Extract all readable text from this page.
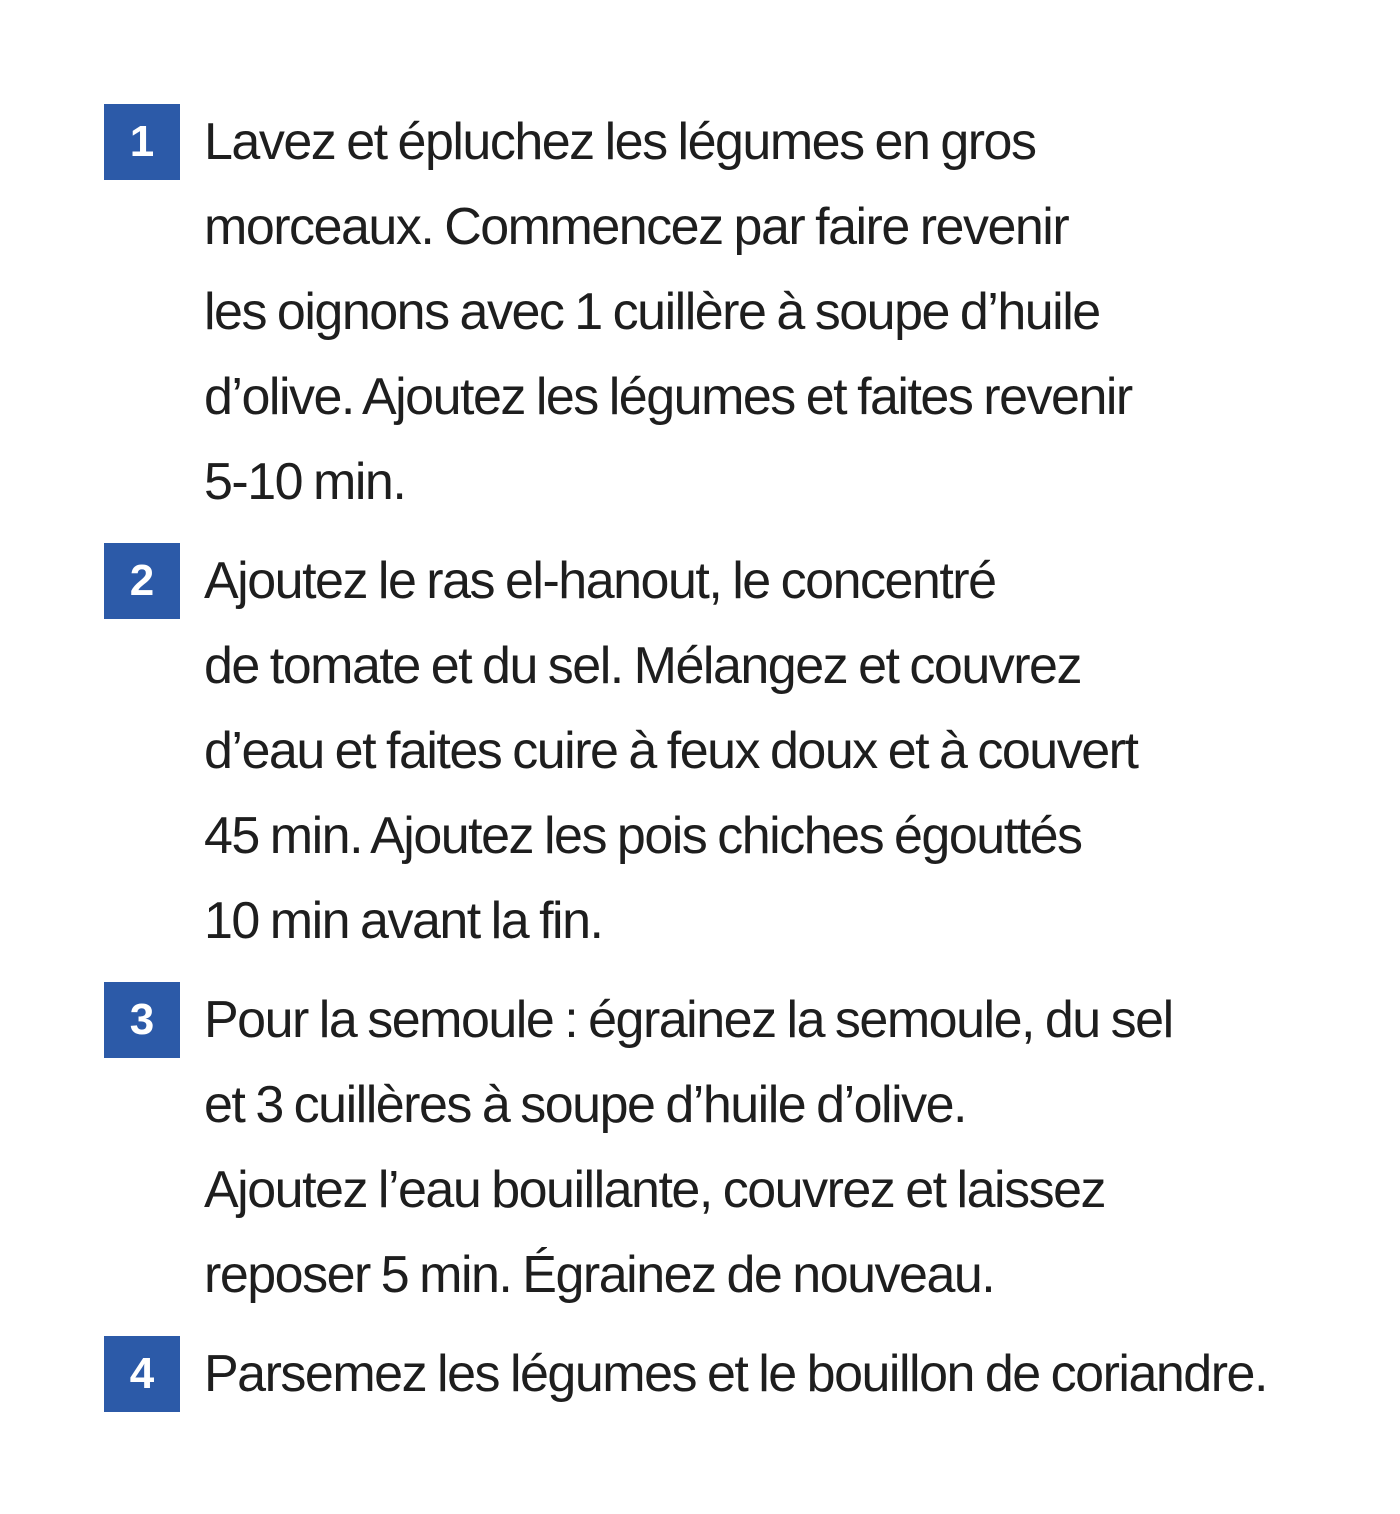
1 Lavez et épluchez les légumes en gros
morceaux. Commencez par faire revenir
les oignons avec 1 cuillère à soupe d’huile
d’olive. Ajoutez les légumes et faites revenir
5-10 min.
2 Ajoutez le ras el-hanout, le concentré
de tomate et du sel. Mélangez et couvrez
d’eau et faites cuire à feux doux et à couvert
45 min. Ajoutez les pois chiches égouttés
10 min avant la fin.
3 Pour la semoule : égrainez la semoule, du sel
et 3 cuillères à soupe d’huile d’olive.
Ajoutez l’eau bouillante, couvrez et laissez
reposer 5 min. Égrainez de nouveau.
4 Parsemez les légumes et le bouillon de coriandre.
